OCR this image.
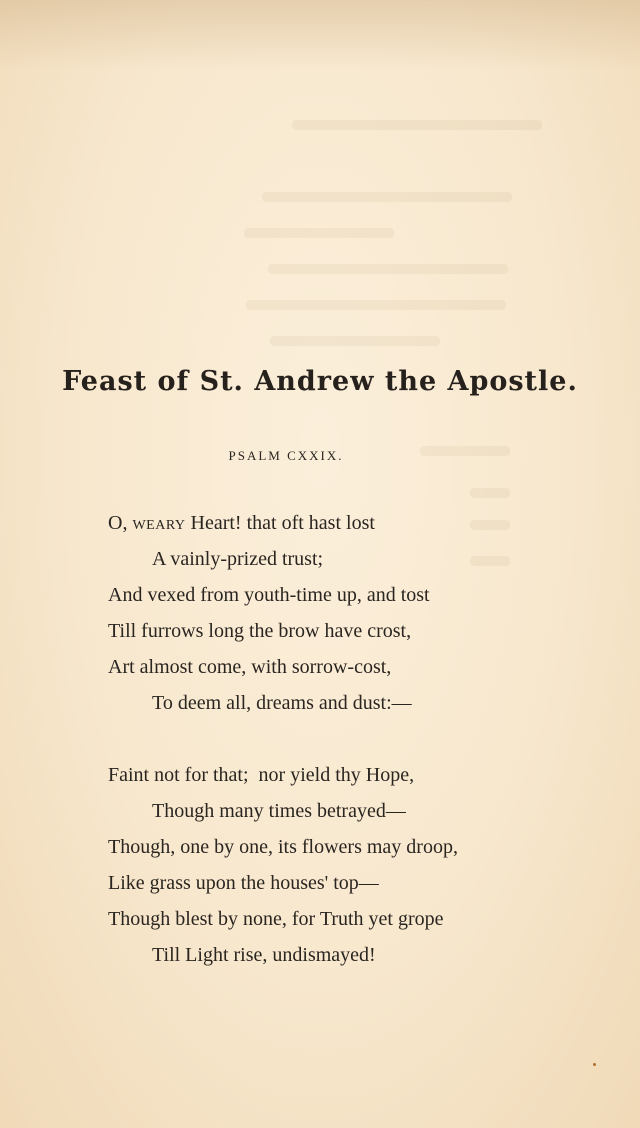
Feast of St. Andrew the Apostle.
PSALM CXXIX.
O, weary Heart! that oft hast lost
A vainly-prized trust;
And vexed from youth-time up, and tost
Till furrows long the brow have crost,
Art almost come, with sorrow-cost,
To deem all, dreams and dust:—
Faint not for that;  nor yield thy Hope,
Though many times betrayed—
Though, one by one, its flowers may droop,
Like grass upon the houses' top—
Though blest by none, for Truth yet grope
Till Light rise, undismayed!
